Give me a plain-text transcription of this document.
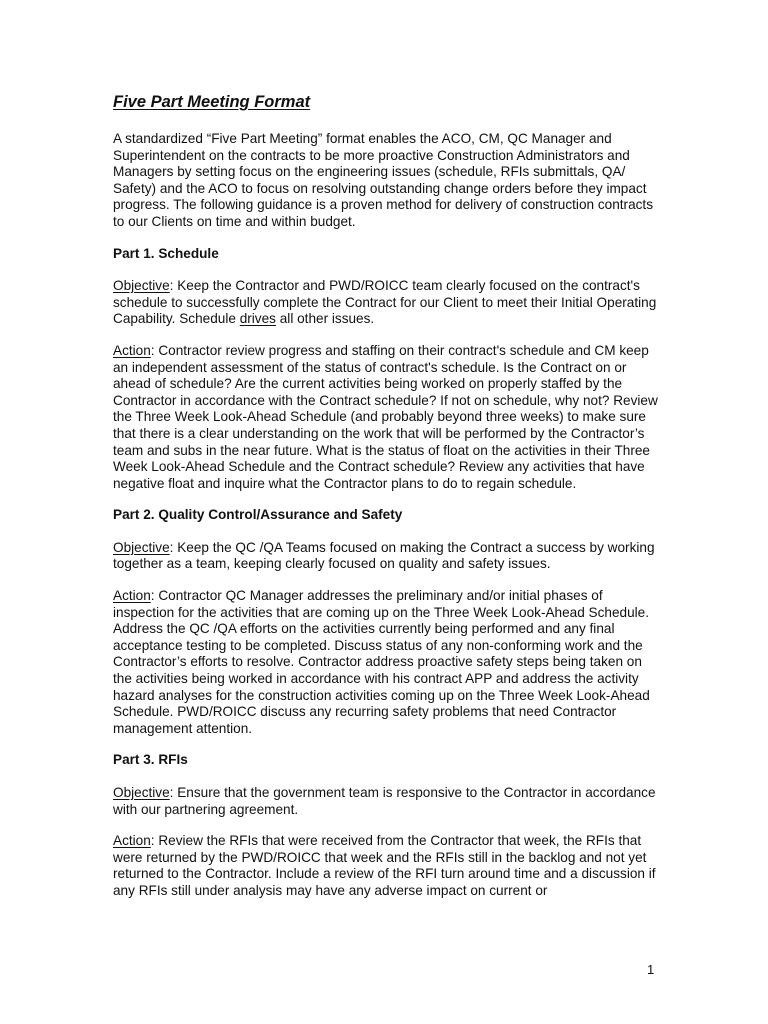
Five Part Meeting Format

A standardized “Five Part Meeting” format enables the ACO, CM, QC Manager and Superintendent on the contracts to be more proactive Construction Administrators and Managers by setting focus on the engineering issues (schedule, RFIs submittals, QA/ Safety) and the ACO to focus on resolving outstanding change orders before they impact progress. The following guidance is a proven method for delivery of construction contracts to our Clients on time and within budget.

Part 1. Schedule

Objective: Keep the Contractor and PWD/ROICC team clearly focused on the contract's schedule to successfully complete the Contract for our Client to meet their Initial Operating Capability. Schedule drives all other issues.

Action: Contractor review progress and staffing on their contract's schedule and CM keep an independent assessment of the status of contract's schedule. Is the Contract on or ahead of schedule? Are the current activities being worked on properly staffed by the Contractor in accordance with the Contract schedule? If not on schedule, why not? Review the Three Week Look-Ahead Schedule (and probably beyond three weeks) to make sure that there is a clear understanding on the work that will be performed by the Contractor’s team and subs in the near future. What is the status of float on the activities in their Three Week Look-Ahead Schedule and the Contract schedule? Review any activities that have negative float and inquire what the Contractor plans to do to regain schedule.

Part 2. Quality Control/Assurance and Safety

Objective: Keep the QC /QA Teams focused on making the Contract a success by working together as a team, keeping clearly focused on quality and safety issues.

Action: Contractor QC Manager addresses the preliminary and/or initial phases of inspection for the activities that are coming up on the Three Week Look-Ahead Schedule. Address the QC /QA efforts on the activities currently being performed and any final acceptance testing to be completed. Discuss status of any non-conforming work and the Contractor’s efforts to resolve. Contractor address proactive safety steps being taken on the activities being worked in accordance with his contract APP and address the activity hazard analyses for the construction activities coming up on the Three Week Look-Ahead Schedule. PWD/ROICC discuss any recurring safety problems that need Contractor management attention.

Part 3. RFIs

Objective: Ensure that the government team is responsive to the Contractor in accordance with our partnering agreement.

Action: Review the RFIs that were received from the Contractor that week, the RFIs that were returned by the PWD/ROICC that week and the RFIs still in the backlog and not yet returned to the Contractor. Include a review of the RFI turn around time and a discussion if any RFIs still under analysis may have any adverse impact on current or

1
